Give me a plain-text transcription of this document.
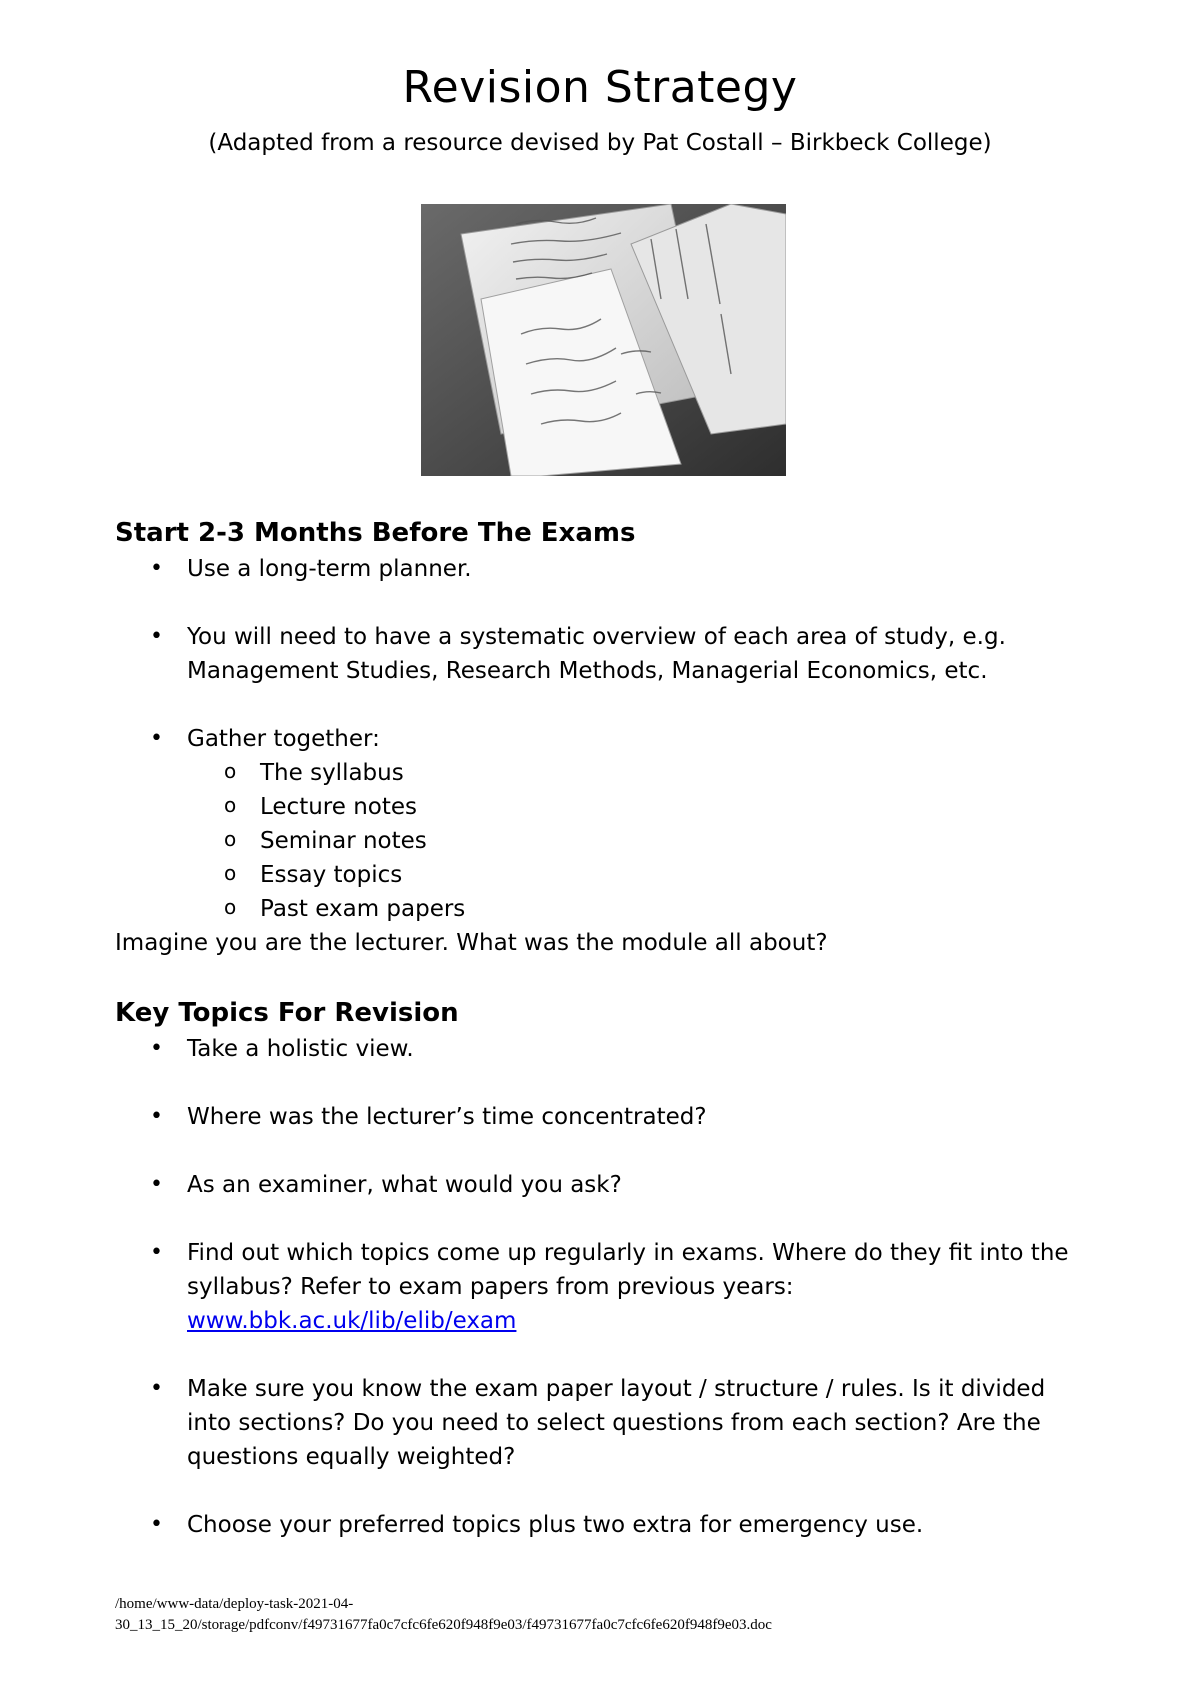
Revision Strategy
(Adapted from a resource devised by Pat Costall – Birkbeck College)
Start 2-3 Months Before The Exams
• Use a long-term planner.
• You will need to have a systematic overview of each area of study, e.g.
Management Studies, Research Methods, Managerial Economics, etc.
• Gather together:
o The syllabus
o Lecture notes
o Seminar notes
o Essay topics
o Past exam papers
Imagine you are the lecturer. What was the module all about?
Key Topics For Revision
• Take a holistic view.
• Where was the lecturer’s time concentrated?
• As an examiner, what would you ask?
• Find out which topics come up regularly in exams. Where do they fit into the
syllabus? Refer to exam papers from previous years:
www.bbk.ac.uk/lib/elib/exam
• Make sure you know the exam paper layout / structure / rules. Is it divided
into sections? Do you need to select questions from each section? Are the
questions equally weighted?
• Choose your preferred topics plus two extra for emergency use.
/home/www-data/deploy-task-2021-04-
30_13_15_20/storage/pdfconv/f49731677fa0c7cfc6fe620f948f9e03/f49731677fa0c7cfc6fe620f948f9e03.doc
